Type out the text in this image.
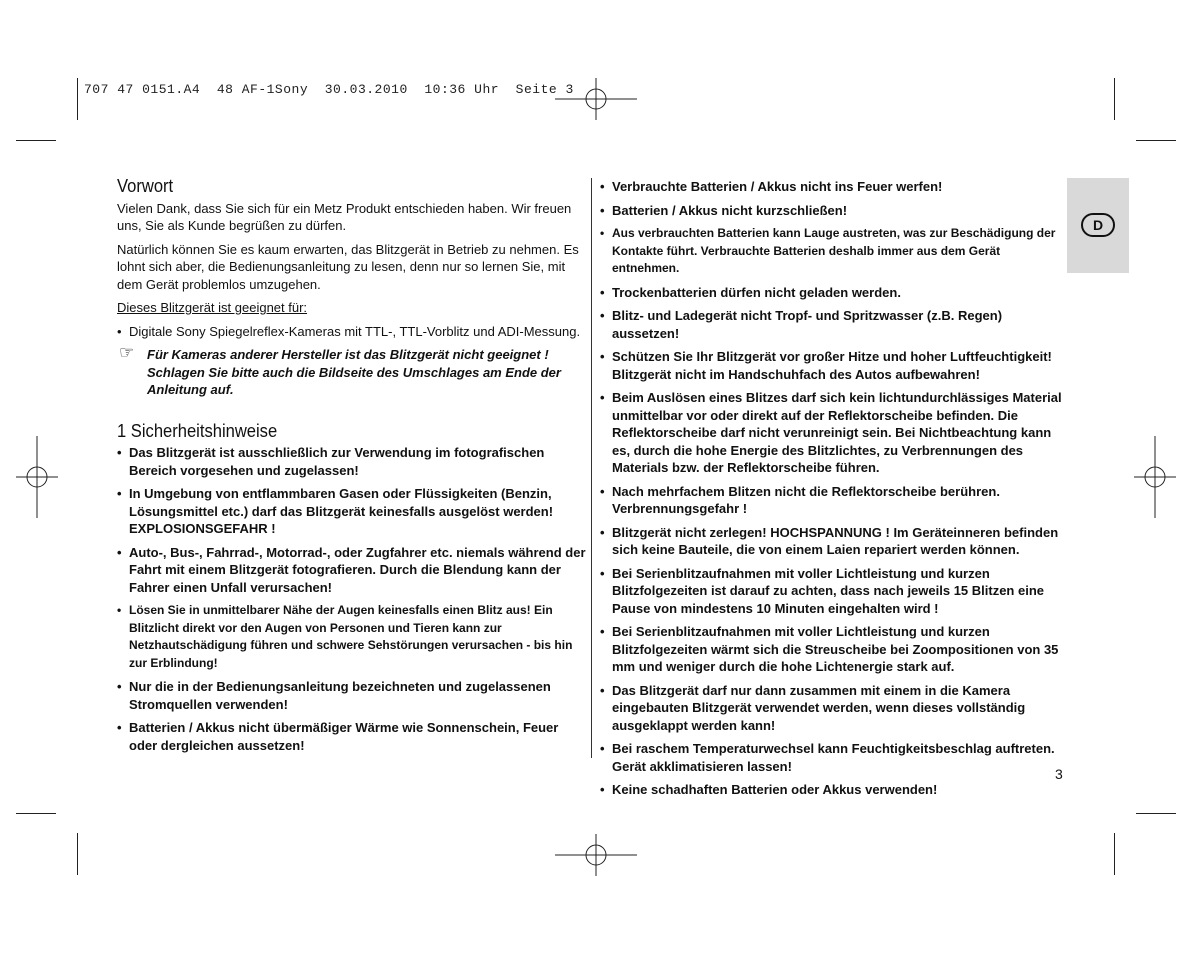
707 47 0151.A4  48 AF-1Sony  30.03.2010  10:36 Uhr  Seite 3
D
Vorwort

Vielen Dank, dass Sie sich für ein Metz Produkt entschieden haben. Wir freuen uns, Sie als Kunde begrüßen zu dürfen.

Natürlich können Sie es kaum erwarten, das Blitzgerät in Betrieb zu nehmen. Es lohnt sich aber, die Bedienungsanleitung zu lesen, denn nur so lernen Sie, mit dem Gerät problemlos umzugehen.

Dieses Blitzgerät ist geeignet für:

• Digitale Sony Spiegelreflex-Kameras mit TTL-, TTL-Vorblitz und ADI-Messung.
☞ Für Kameras anderer Hersteller ist das Blitzgerät nicht geeignet ! Schlagen Sie bitte auch die Bildseite des Umschlages am Ende der Anleitung auf.
1 Sicherheitshinweise
• Das Blitzgerät ist ausschließlich zur Verwendung im fotografischen Bereich vorgesehen und zugelassen!
• In Umgebung von entflammbaren Gasen oder Flüssigkeiten (Benzin, Lösungsmittel etc.) darf das Blitzgerät keinesfalls ausgelöst werden! EXPLOSIONSGEFAHR !
• Auto-, Bus-, Fahrrad-, Motorrad-, oder Zugfahrer etc. niemals während der Fahrt mit einem Blitzgerät fotografieren. Durch die Blendung kann der Fahrer einen Unfall verursachen!
• Lösen Sie in unmittelbarer Nähe der Augen keinesfalls einen Blitz aus! Ein Blitzlicht direkt vor den Augen von Personen und Tieren kann zur Netzhautschädigung führen und schwere Sehstörungen verursachen - bis hin zur Erblindung!
• Nur die in der Bedienungsanleitung bezeichneten und zugelassenen Stromquellen verwenden!
• Batterien / Akkus nicht übermäßiger Wärme wie Sonnenschein, Feuer oder dergleichen aussetzen!
• Verbrauchte Batterien / Akkus nicht ins Feuer werfen!
• Batterien / Akkus nicht kurzschließen!
• Aus verbrauchten Batterien kann Lauge austreten, was zur Beschädigung der Kontakte führt. Verbrauchte Batterien deshalb immer aus dem Gerät entnehmen.
• Trockenbatterien dürfen nicht geladen werden.
• Blitz- und Ladegerät nicht Tropf- und Spritzwasser (z.B. Regen) aussetzen!
• Schützen Sie Ihr Blitzgerät vor großer Hitze und hoher Luftfeuchtigkeit! Blitzgerät nicht im Handschuhfach des Autos aufbewahren!
• Beim Auslösen eines Blitzes darf sich kein lichtundurchlässiges Material unmittelbar vor oder direkt auf der Reflektorscheibe befinden. Die Reflektorscheibe darf nicht verunreinigt sein. Bei Nichtbeachtung kann es, durch die hohe Energie des Blitzlichtes, zu Verbrennungen des Materials bzw. der Reflektorscheibe führen.
• Nach mehrfachem Blitzen nicht die Reflektorscheibe berühren. Verbrennungsgefahr !
• Blitzgerät nicht zerlegen! HOCHSPANNUNG ! Im Geräteinneren befinden sich keine Bauteile, die von einem Laien repariert werden können.
• Bei Serienblitzaufnahmen mit voller Lichtleistung und kurzen Blitzfolgezeiten ist darauf zu achten, dass nach jeweils 15 Blitzen eine Pause von mindestens 10 Minuten eingehalten wird !
• Bei Serienblitzaufnahmen mit voller Lichtleistung und kurzen Blitzfolgezeiten wärmt sich die Streuscheibe bei Zoompositionen von 35 mm und weniger durch die hohe Lichtenergie stark auf.
• Das Blitzgerät darf nur dann zusammen mit einem in die Kamera eingebauten Blitzgerät verwendet werden, wenn dieses vollständig ausgeklappt werden kann!
• Bei raschem Temperaturwechsel kann Feuchtigkeitsbeschlag auftreten. Gerät akklimatisieren lassen!
• Keine schadhaften Batterien oder Akkus verwenden!
3
